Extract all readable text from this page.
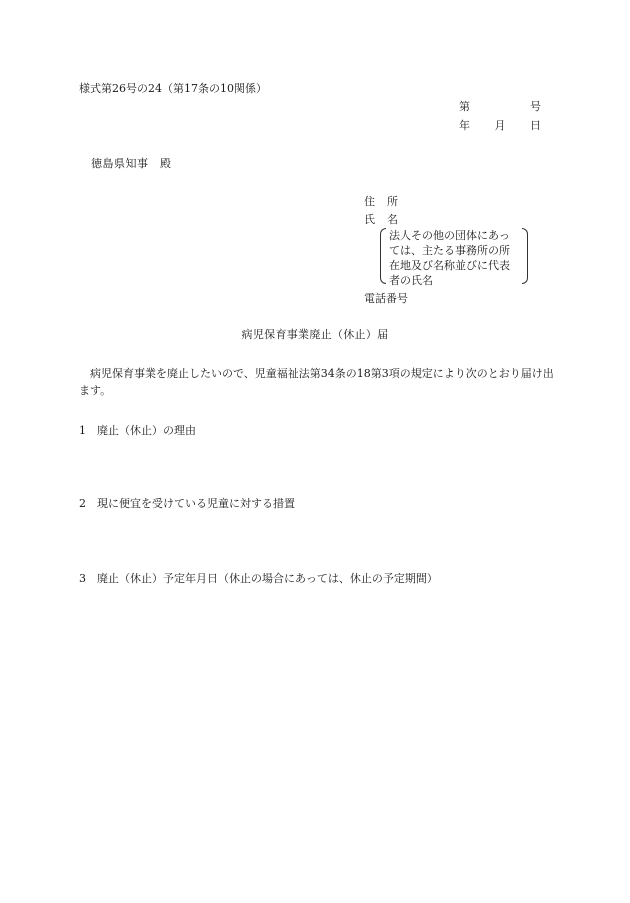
様式第26号の24（第17条の10関係）
第	号
年 月 日
徳島県知事　殿
住 所
氏 名
法人その他の団体にあっ
ては、主たる事務所の所
在地及び名称並びに代表
者の氏名
電話番号
病児保育事業廃止（休止）届
　病児保育事業を廃止したいので、児童福祉法第34条の18第3項の規定により次のとおり届け出ます。
1 廃止（休止）の理由
2 現に便宜を受けている児童に対する措置
3 廃止（休止）予定年月日（休止の場合にあっては、休止の予定期間）
